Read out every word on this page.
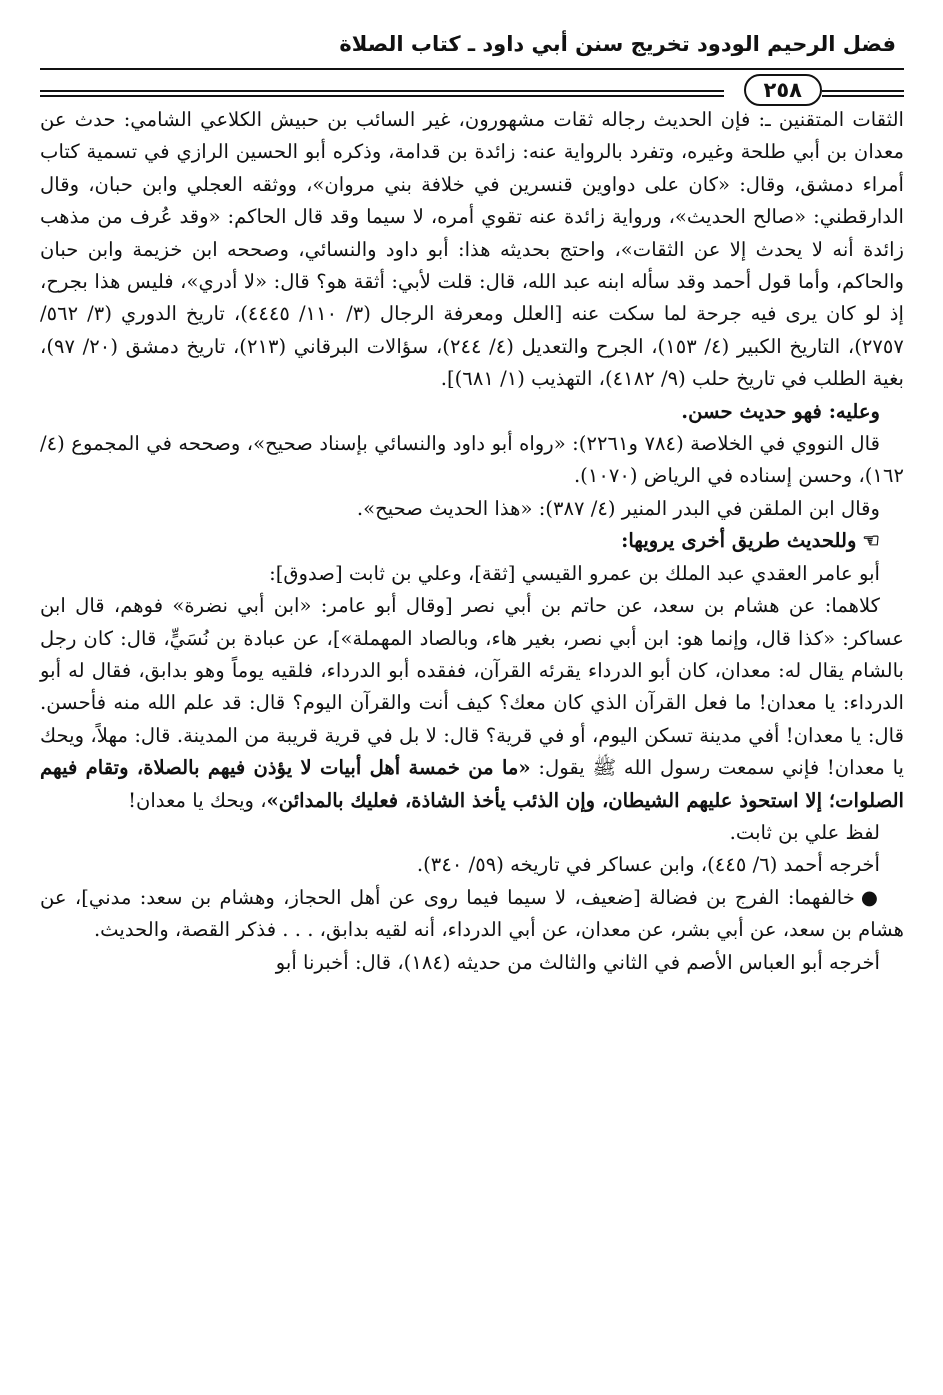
فضل الرحيم الودود تخريج سنن أبي داود ـ كتاب الصلاة
٢٥٨

الثقات المتقنين ـ: فإن الحديث رجاله ثقات مشهورون، غير السائب بن حبيش الكلاعي الشامي: حدث عن معدان بن أبي طلحة وغيره، وتفرد بالرواية عنه: زائدة بن قدامة، وذكره أبو الحسين الرازي في تسمية كتاب أمراء دمشق، وقال: «كان على دواوين قنسرين في خلافة بني مروان»، ووثقه العجلي وابن حبان، وقال الدارقطني: «صالح الحديث»، ورواية زائدة عنه تقوي أمره، لا سيما وقد قال الحاكم: «وقد عُرف من مذهب زائدة أنه لا يحدث إلا عن الثقات»، واحتج بحديثه هذا: أبو داود والنسائي، وصححه ابن خزيمة وابن حبان والحاكم، وأما قول أحمد وقد سأله ابنه عبد الله، قال: قلت لأبي: أثقة هو؟ قال: «لا أدري»، فليس هذا بجرح، إذ لو كان يرى فيه جرحة لما سكت عنه [العلل ومعرفة الرجال (٣/ ١١٠/ ٤٤٤٥)، تاريخ الدوري (٣/ ٥٦٢/ ٢٧٥٧)، التاريخ الكبير (٤/ ١٥٣)، الجرح والتعديل (٤/ ٢٤٤)، سؤالات البرقاني (٢١٣)، تاريخ دمشق (٢٠/ ٩٧)، بغية الطلب في تاريخ حلب (٩/ ٤١٨٢)، التهذيب (١/ ٦٨١)].

وعليه: فهو حديث حسن.

قال النووي في الخلاصة (٧٨٤ و٢٢٦١): «رواه أبو داود والنسائي بإسناد صحيح»، وصححه في المجموع (٤/ ١٦٢)، وحسن إسناده في الرياض (١٠٧٠).

وقال ابن الملقن في البدر المنير (٤/ ٣٨٧): «هذا الحديث صحيح».

☜وللحديث طريق أخرى يرويها:

أبو عامر العقدي عبد الملك بن عمرو القيسي [ثقة]، وعلي بن ثابت [صدوق]:

كلاهما: عن هشام بن سعد، عن حاتم بن أبي نصر [وقال أبو عامر: «ابن أبي نضرة» فوهم، قال ابن عساكر: «كذا قال، وإنما هو: ابن أبي نصر، بغير هاء، وبالصاد المهملة»]، عن عبادة بن نُسَيٍّ، قال: كان رجل بالشام يقال له: معدان، كان أبو الدرداء يقرئه القرآن، ففقده أبو الدرداء، فلقيه يوماً وهو بدابق، فقال له أبو الدرداء: يا معدان! ما فعل القرآن الذي كان معك؟ كيف أنت والقرآن اليوم؟ قال: قد علم الله منه فأحسن. قال: يا معدان! أفي مدينة تسكن اليوم، أو في قرية؟ قال: لا بل في قرية قريبة من المدينة. قال: مهلاً، ويحك يا معدان! فإني سمعت رسول الله ﷺ يقول: «ما من خمسة أهل أبيات لا يؤذن فيهم بالصلاة، وتقام فيهم الصلوات؛ إلا استحوذ عليهم الشيطان، وإن الذئب يأخذ الشاذة، فعليك بالمدائن»، ويحك يا معدان!

لفظ علي بن ثابت.

أخرجه أحمد (٦/ ٤٤٥)، وابن عساكر في تاريخه (٥٩/ ٣٤٠).

●خالفهما: الفرج بن فضالة [ضعيف، لا سيما فيما روى عن أهل الحجاز، وهشام بن سعد: مدني]، عن هشام بن سعد، عن أبي بشر، عن معدان، عن أبي الدرداء، أنه لقيه بدابق، . . . فذكر القصة، والحديث.

أخرجه أبو العباس الأصم في الثاني والثالث من حديثه (١٨٤)، قال: أخبرنا أبو
